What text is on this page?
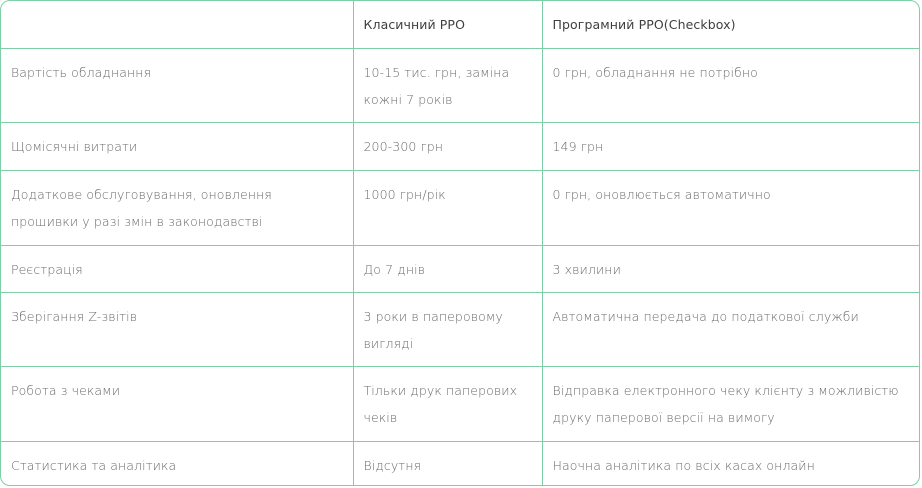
	Класичний РРО	Програмний РРО(Checkbox)
Вартість обладнання	10-15 тис. грн, заміна кожні 7 років	0 грн, обладнання не потрібно
Щомісячні витрати	200-300 грн	149 грн
Додаткове обслуговування, оновлення прошивки у разі змін в законодавстві	1000 грн/рік	0 грн, оновлюється автоматично
Реєстрація	До 7 днів	3 хвилини
Зберігання Z-звітів	3 роки в паперовому вигляді	Автоматична передача до податкової служби
Робота з чеками	Тільки друк паперових чеків	Відправка електронного чеку клієнту з можливістю друку паперової версії на вимогу
Статистика та аналітика	Відсутня	Наочна аналітика по всіх касах онлайн
